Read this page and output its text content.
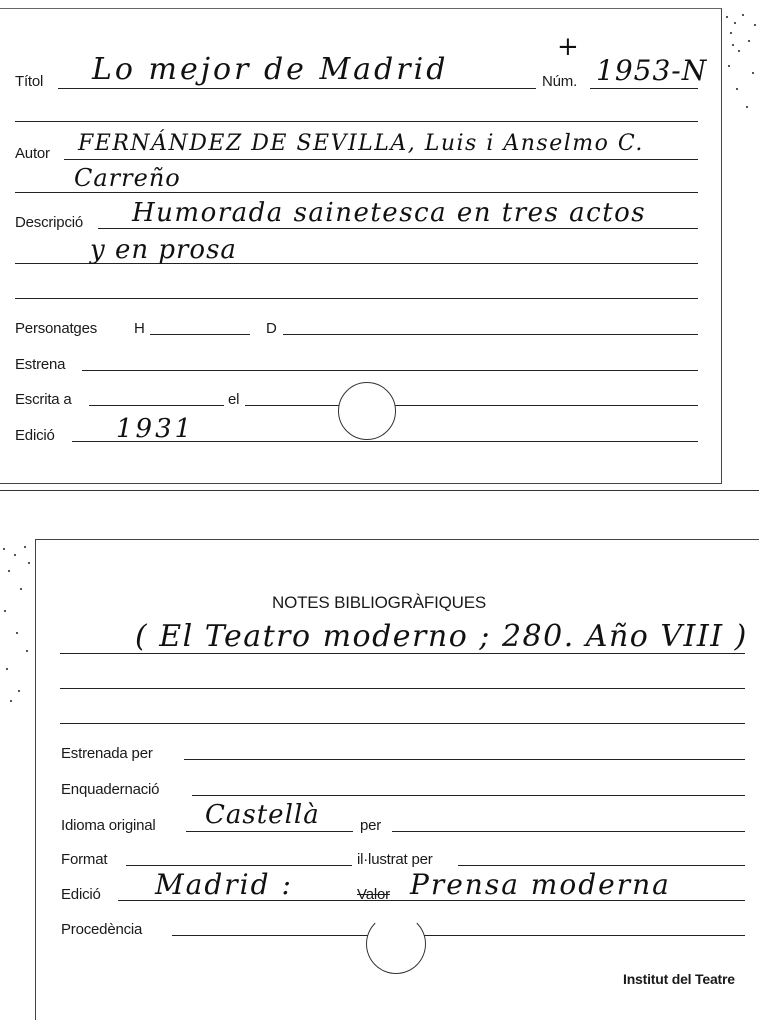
Títol Lo mejor de Madrid
+
Núm. 1953-N
Autor FERNÁNDEZ DE SEVILLA, Luis i Anselmo C.
Carreño
Descripció Humorada sainetesca en tres actos
y en prosa
Personatges H	D
Estrena
Escrita a	el
Edició 1931
NOTES BIBLIOGRÀFIQUES
( El Teatro moderno ; 280. Año VIII )
Estrenada per
Enquadernació
Idioma original Castellà	per
Format	il·lustrat per
Edició Madrid :	Valor Prensa moderna
Procedència
Institut del Teatre
